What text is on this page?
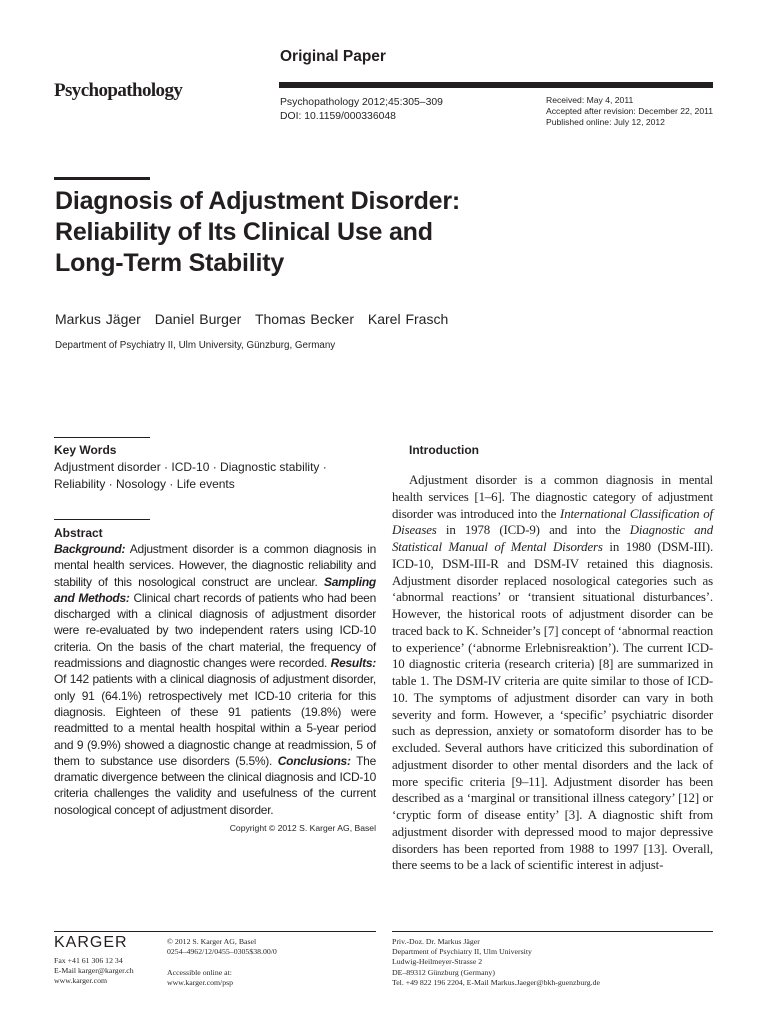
Original Paper
Psychopathology
Psychopathology 2012;45:305–309
DOI: 10.1159/000336048
Received: May 4, 2011
Accepted after revision: December 22, 2011
Published online: July 12, 2012
Diagnosis of Adjustment Disorder:
Reliability of Its Clinical Use and
Long-Term Stability
Markus Jäger Daniel Burger Thomas Becker Karel Frasch
Department of Psychiatry II, Ulm University, Günzburg, Germany
Key Words
Adjustment disorder · ICD-10 · Diagnostic stability ·
Reliability · Nosology · Life events
Abstract
Background: Adjustment disorder is a common diagnosis in mental health services. However, the diagnostic reliability and stability of this nosological construct are unclear. Sampling and Methods: Clinical chart records of patients who had been discharged with a clinical diagnosis of adjustment disorder were re-evaluated by two independent raters using ICD-10 criteria. On the basis of the chart material, the frequency of readmissions and diagnostic changes were recorded. Results: Of 142 patients with a clinical diagnosis of adjustment disorder, only 91 (64.1%) retrospectively met ICD-10 criteria for this diagnosis. Eighteen of these 91 patients (19.8%) were readmitted to a mental health hospital within a 5-year period and 9 (9.9%) showed a diagnostic change at readmission, 5 of them to substance use disorders (5.5%). Conclusions: The dramatic divergence between the clinical diagnosis and ICD-10 criteria challenges the validity and usefulness of the current nosological concept of adjustment disorder.
Copyright © 2012 S. Karger AG, Basel
Introduction
Adjustment disorder is a common diagnosis in mental health services [1–6]. The diagnostic category of adjustment disorder was introduced into the International Classification of Diseases in 1978 (ICD-9) and into the Diagnostic and Statistical Manual of Mental Disorders in 1980 (DSM-III). ICD-10, DSM-III-R and DSM-IV retained this diagnosis. Adjustment disorder replaced nosological categories such as ‘abnormal reactions’ or ‘transient situational disturbances’. However, the historical roots of adjustment disorder can be traced back to K. Schneider’s [7] concept of ‘abnormal reaction to experience’ (‘abnorme Erlebnisreaktion’). The current ICD-10 diagnostic criteria (research criteria) [8] are summarized in table 1. The DSM-IV criteria are quite similar to those of ICD-10. The symptoms of adjustment disorder can vary in both severity and form. However, a ‘specific’ psychiatric disorder such as depression, anxiety or somatoform disorder has to be excluded. Several authors have criticized this subordination of adjustment disorder to other mental disorders and the lack of more specific criteria [9–11]. Adjustment disorder has been described as a ‘marginal or transitional illness category’ [12] or ‘cryptic form of disease entity’ [3]. A diagnostic shift from adjustment disorder with depressed mood to major depressive disorders has been reported from 1988 to 1997 [13]. Overall, there seems to be a lack of scientific interest in adjust-
KARGER
Fax +41 61 306 12 34
E-Mail karger@karger.ch
www.karger.com
© 2012 S. Karger AG, Basel
0254–4962/12/0455–0305$38.00/0

Accessible online at:
www.karger.com/psp
Priv.-Doz. Dr. Markus Jäger
Department of Psychiatry II, Ulm University
Ludwig-Heilmeyer-Strasse 2
DE–89312 Günzburg (Germany)
Tel. +49 822 196 2204, E-Mail Markus.Jaeger@bkh-guenzburg.de
